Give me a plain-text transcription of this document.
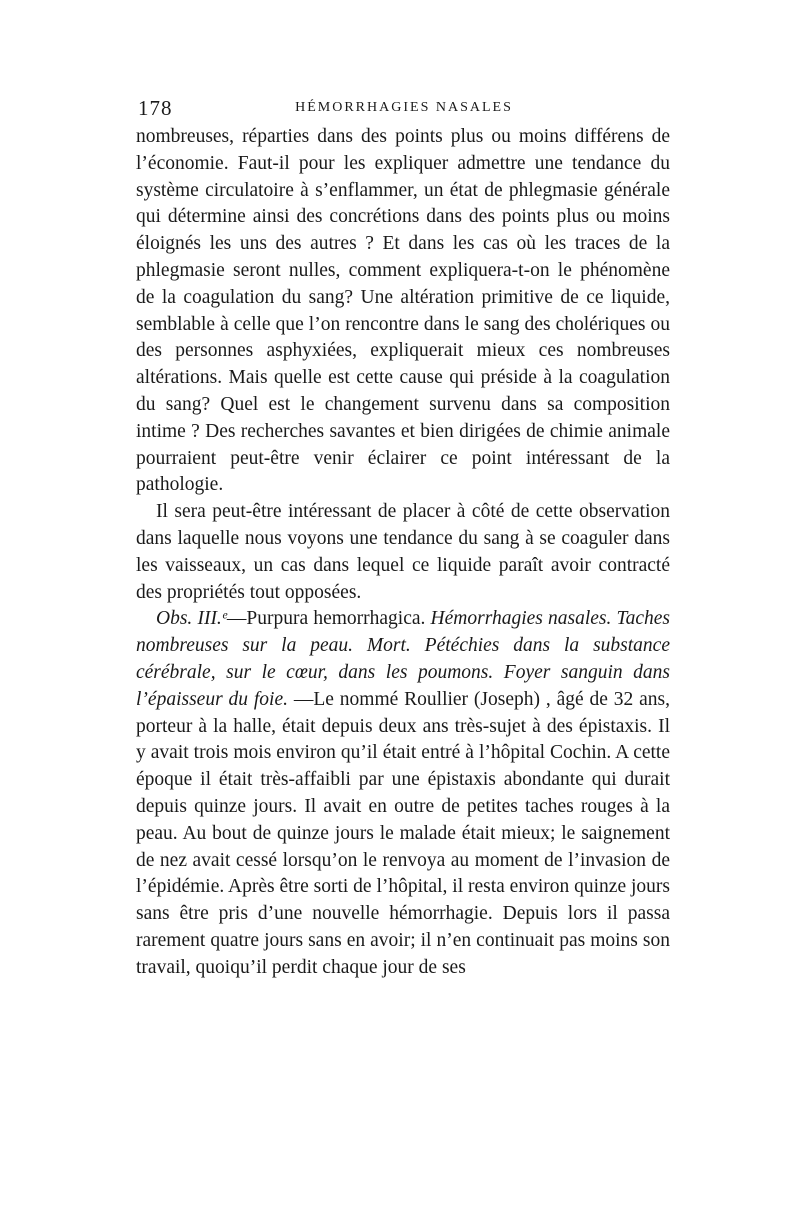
178	HÉMORRHAGIES NASALES

nombreuses, réparties dans des points plus ou moins différens de l’économie. Faut-il pour les expliquer admettre une tendance du système circulatoire à s’enflammer, un état de phlegmasie générale qui détermine ainsi des concrétions dans des points plus ou moins éloignés les uns des autres ? Et dans les cas où les traces de la phlegmasie seront nulles, comment expliquera-t-on le phénomène de la coagulation du sang? Une altération primitive de ce liquide, semblable à celle que l’on rencontre dans le sang des cholériques ou des personnes asphyxiées, expliquerait mieux ces nombreuses altérations. Mais quelle est cette cause qui préside à la coagulation du sang? Quel est le changement survenu dans sa composition intime ? Des recherches savantes et bien dirigées de chimie animale pourraient peut-être venir éclairer ce point intéressant de la pathologie.

Il sera peut-être intéressant de placer à côté de cette observation dans laquelle nous voyons une tendance du sang à se coaguler dans les vaisseaux, un cas dans lequel ce liquide paraît avoir contracté des propriétés tout opposées.

Obs. III.ᵉ—Purpura hemorrhagica. Hémorrhagies nasales. Taches nombreuses sur la peau. Mort. Pétéchies dans la substance cérébrale, sur le cœur, dans les poumons. Foyer sanguin dans l’épaisseur du foie. —Le nommé Roullier (Joseph) , âgé de 32 ans, porteur à la halle, était depuis deux ans très-sujet à des épistaxis. Il y avait trois mois environ qu’il était entré à l’hôpital Cochin. A cette époque il était très-affaibli par une épistaxis abondante qui durait depuis quinze jours. Il avait en outre de petites taches rouges à la peau. Au bout de quinze jours le malade était mieux; le saignement de nez avait cessé lorsqu’on le renvoya au moment de l’invasion de l’épidémie. Après être sorti de l’hôpital, il resta environ quinze jours sans être pris d’une nouvelle hémorrhagie. Depuis lors il passa rarement quatre jours sans en avoir; il n’en continuait pas moins son travail, quoiqu’il perdit chaque jour de ses
